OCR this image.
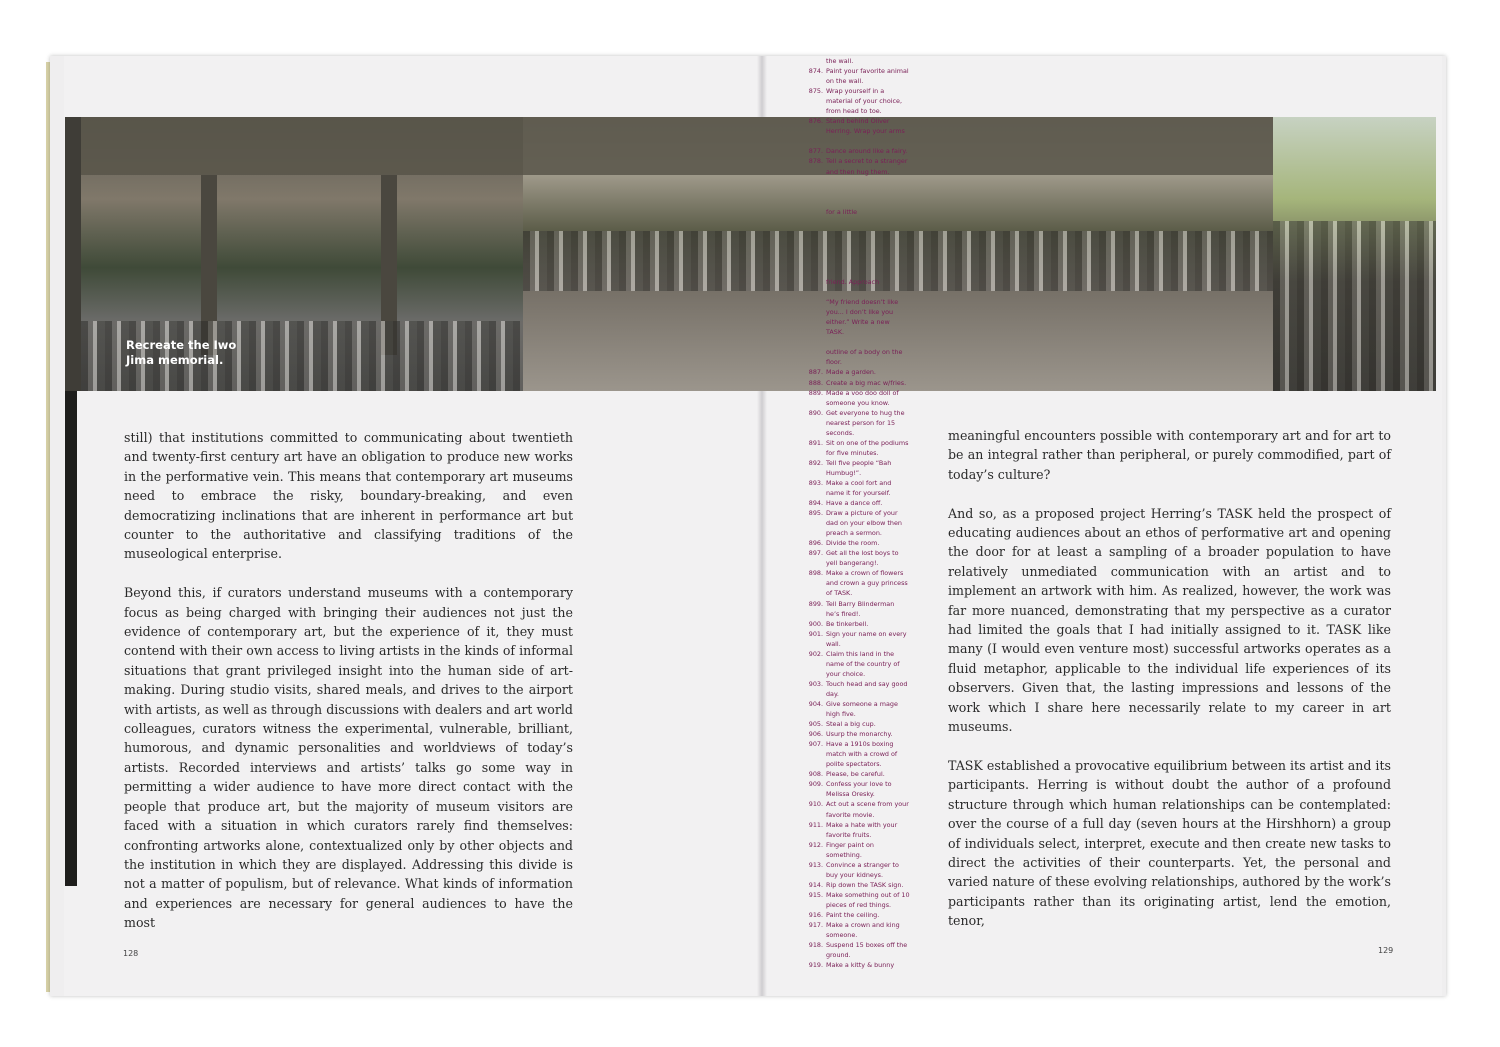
Recreate the Iwo Jima memorial.

still) that institutions committed to communicating about twentieth and twenty-first century art have an obligation to produce new works in the performative vein. This means that contemporary art museums need to embrace the risky, boundary-breaking, and even democratizing inclinations that are inherent in performance art but counter to the authoritative and classifying traditions of the museological enterprise.

Beyond this, if curators understand museums with a contemporary focus as being charged with bringing their audiences not just the evidence of contemporary art, but the experience of it, they must contend with their own access to living artists in the kinds of informal situations that grant privileged insight into the human side of art-making. During studio visits, shared meals, and drives to the airport with artists, as well as through discussions with dealers and art world colleagues, curators witness the experimental, vulnerable, brilliant, humorous, and dynamic personalities and worldviews of today’s artists. Recorded interviews and artists’ talks go some way in permitting a wider audience to have more direct contact with the people that produce art, but the majority of museum visitors are faced with a situation in which curators rarely find themselves: confronting artworks alone, contextualized only by other objects and the institution in which they are displayed. Addressing this divide is not a matter of populism, but of relevance. What kinds of information and experiences are necessary for general audiences to have the most

meaningful encounters possible with contemporary art and for art to be an integral rather than peripheral, or purely commodified, part of today’s culture?

And so, as a proposed project Herring’s TASK held the prospect of educating audiences about an ethos of performative art and opening the door for at least a sampling of a broader population to have relatively unmediated communication with an artist and to implement an artwork with him. As realized, however, the work was far more nuanced, demonstrating that my perspective as a curator had limited the goals that I had initially assigned to it. TASK like many (I would even venture most) successful artworks operates as a fluid metaphor, applicable to the individual life experiences of its observers. Given that, the lasting impressions and lessons of the work which I share here necessarily relate to my career in art museums.

TASK established a provocative equilibrium between its artist and its participants. Herring is without doubt the author of a profound structure through which human relationships can be contemplated: over the course of a full day (seven hours at the Hirshhorn) a group of individuals select, interpret, execute and then create new tasks to direct the activities of their counterparts. Yet, the personal and varied nature of these evolving relationships, authored by the work’s participants rather than its originating artist, lend the emotion, tenor,

128	129
the wall.
874. Paint your favorite animal
on the wall.
875. Wrap yourself in a
material of your choice,
from head to toe.
876. Stand behind Oliver
Herring. Wrap your arms

877. Dance around like a fairy.
878. Tell a secret to a stranger
and then hug them.

for a little

friend. Approach

“My friend doesn’t like
you... I don’t like you
either.” Write a new
TASK.

outline of a body on the
floor.
887. Made a garden.
888. Create a big mac w/fries.
889. Made a voo doo doll of
someone you know.
890. Get everyone to hug the
nearest person for 15
seconds.
891. Sit on one of the podiums
for five minutes.
892. Tell five people “Bah
Humbug!”.
893. Make a cool fort and
name it for yourself.
894. Have a dance off.
895. Draw a picture of your
dad on your elbow then
preach a sermon.
896. Divide the room.
897. Get all the lost boys to
yell bangerang!.
898. Make a crown of flowers
and crown a guy princess
of TASK.
899. Tell Barry Blinderman
he’s fired!.
900. Be tinkerbell.
901. Sign your name on every
wall.
902. Claim this land in the
name of the country of
your choice.
903. Touch head and say good
day.
904. Give someone a mage
high five.
905. Steal a big cup.
906. Usurp the monarchy.
907. Have a 1910s boxing
match with a crowd of
polite spectators.
908. Please, be careful.
909. Confess your love to
Melissa Oresky.
910. Act out a scene from your
favorite movie.
911. Make a hate with your
favorite fruits.
912. Finger paint on
something.
913. Convince a stranger to
buy your kidneys.
914. Rip down the TASK sign.
915. Make something out of 10
pieces of red things.
916. Paint the ceiling.
917. Make a crown and king
someone.
918. Suspend 15 boxes off the
ground.
919. Make a kitty & bunny
